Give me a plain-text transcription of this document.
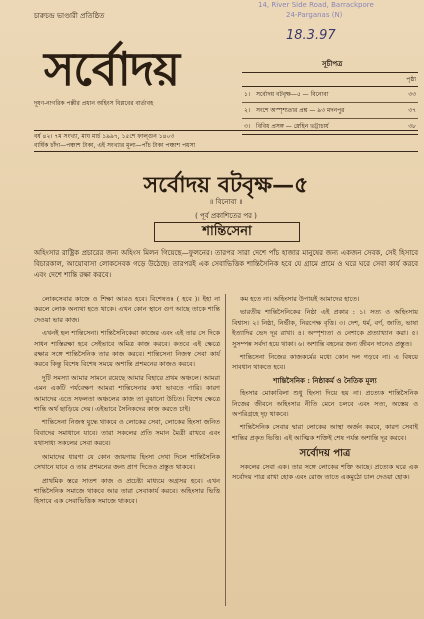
14, River Side Road, Barrackpore
24-Parganas (N)
চারুচন্দ্র ভাণ্ডারী প্রতিষ্ঠিত
সর্বোদয়
দূষণ-নাগরিক পল্লীর প্রধান অহিংস বিপ্লবের বার্তাবহ
18.3.97
সূচীপত্র
পৃষ্ঠা
১। সর্বোদয় বটবৃক্ষ—৫ — বিনোবা	৩৩
২। সংশে অস্পৃশ্যতার প্রশ্ন — ৯৩ মদনপুর	৩৭
৩। বিবিধ প্রসঙ্গ — স্নেহিন ভট্টাচার্য	৩৮
বর্ষ ৪২। ৭ম সংখ্যা, মাঘ মার্চ ১৯৯৭, ১৫শে ফাল্গুন ১৪০৩
বার্ষিক চাঁদা—পঞ্চাশ টাকা, এই সংখ্যার মূল্য—পাঁচ টাকা পঞ্চাশ পয়সা
সর্বোদয় বটবৃক্ষ—৫
॥ বিনোবা ॥
( পূর্ব প্রকাশিতের পর )
শান্তিসেনা
অহিংসার রাষ্ট্রিক প্রচারের জন্য অহিংস মিলন গিয়েছে—ফুলনের। তারপর সারা দেশে পাঁচ হাজার মানুষের জন্য একজন সেবক, সেই হিসাবে বিচারকাল, আয়োবাসা লোকসেবক গড়ে উঠেছে। তারপরই এক সেবাভিত্তিক শান্তিসৈনিক হবে যে গ্রামে প্রামে ও ঘরে ঘরে সেবা কার্য করবে এবং দেশে শান্তি রক্ষা করবে।

লোকসেবার কাজে ও শিক্ষা আরও হবে। বিশেষতঃ ( হবে )। ইহা না করলে লোক অন্যথা হতে থাকে। এখন কোন স্থানে গুণ আছে তাকে শান্তি দেওয়া ভার কাজ।

এখনই হল শান্তিসেনা। শান্তিসৈনিকেরা কাজের এবং এই তার সে দিকে সাধন শাস্তিরক্ষা হবে সেইভাবে অমিত্র কাজ করবে। কতবে এই ক্ষেত্রে রক্ষার সঙ্গে শান্তিসৈনিক তার কাজ করবে। শান্তিসেনা নিজস্ব সেবা কার্য করবে কিন্তু বিশেষ বিশেষ সময়ে অশান্তি প্রশমনের কাজও করবে।

দুটি সমস্যা আমার সামনে রয়েছে আমার বিহারে প্রথম অঞ্চলে। আমরা এমন একটি পর্যবেক্ষণ আমরা শান্তিসেনার কথা ভাবতে পারি। কারণ আমাদের এতে সফলতা অঞ্চলের কাজ তা বুঝানো উচিত। বিশেষ ক্ষেত্রে শান্তি অর্থ ছাড়িয়ে দেয়। এইভাবে সৈনিকদের কাজ করতে চাই।

শান্তিসেনা নিজস্ব যুদ্ধে থাকবে ও লোকের সেবা, লোকের হিংসা জনিত বিবাদের সমাধানে যাবে। তারা সকলের প্রতি সমান মৈত্রী রাখবে এবং যথাসাধ্য সকলের সেবা করবে।

আমাদের ধারণা যে কোন জায়গায় হিংসা দেখা দিলে শান্তিসৈনিক সেখানে যাবে ও তার প্রশমনের জন্য প্রাণ দিতেও প্রস্তুত থাকবে।

প্রাথমিক স্তরে সাতশ কাজ ও প্রচেষ্টা মাধ্যমে অগ্রসর হবে। এখন শান্তিসৈনিক সমাজে থাকবে আর তারা সেবাকার্য করবে। অহিংসার ভিত্তি হিসাবে এক সেবাভিত্তিক সমাজে থাকবে।

কম হতে না। অহিংসার উপায়ই আমাদের হাতে।

ভারতীয় শান্তিসৈনিকের নিষ্ঠা এই প্রকার : ১। সত্য ও অহিংসায় বিশ্বাস। ২। নিষ্ঠা, নির্ভীক, নিরপেক্ষ বৃত্তি। ৩। দেশ, ধর্ম, বর্ণ, জাতি, ভাষা ইত্যাদির ভেদ দূর রাখা। ৪। অস্পৃশ্যতা ও নেশাকে প্রত্যাখ্যান করা। ৫। সুসম্পন্ন সর্বদা হয়ে থাকা। ৬। অশান্তি বহনের জন্য জীবন দানেও প্রস্তুত।

শান্তিসেনা নিজের কাজকর্মের মধ্যে কোন দল গড়বে না। এ বিষয়ে সাবধান থাকতে হবে।

শান্তিসৈনিক : নিষ্ঠাকর্ম ও নৈতিক মূল্য

হিংসার মোকাবিলা শুধু হিংসা দিয়ে হয় না। প্রত্যেক শান্তিসৈনিক নিজের জীবনে অহিংসার নীতি মেনে চলবে এবং সত্য, অস্তেয় ও অপরিগ্রহে দৃঢ় থাকবে।

শান্তিসৈনিক সেবার দ্বারা লোকের আস্থা অর্জন করবে, কারণ সেবাই শান্তির প্রকৃত ভিত্তি। এই আত্মিক শক্তিই শেষ পর্যন্ত অশান্তি দূর করবে।

সর্বোদয় পাত্র

সকলের সেবা এক। তার সঙ্গে লোকের শক্তি আছে। প্রত্যেক ঘরে এক সর্বোদয় পাত্র রাখা হোক এবং রোজ তাতে একমুঠো চাল দেওয়া হোক।
